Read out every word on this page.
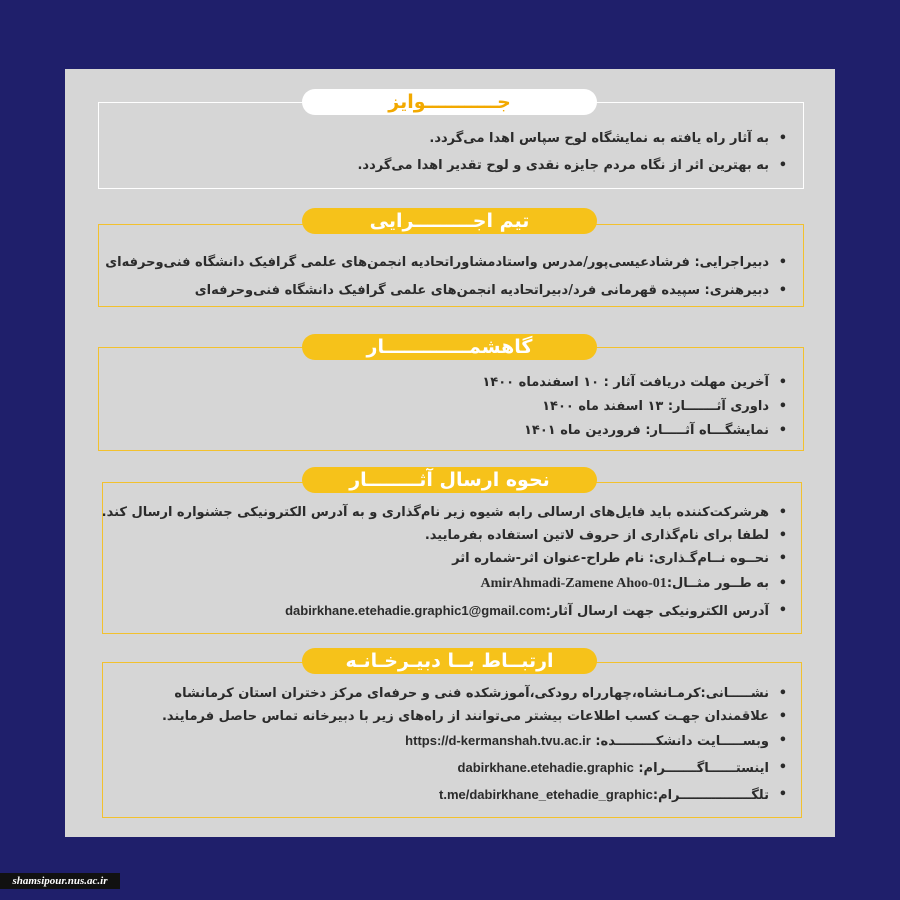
جـــــــــــوایز
• به آثار راه یافته به نمایشگاه لوح سپاس اهدا می‌گردد.
• به بهترین اثر از نگاه مردم جایزه نقدی و لوح تقدیر اهدا می‌گردد.
تیم اجـــــــــرایی
• دبیراجرایی: فرشادعیسی‌پور/مدرس واستادمشاوراتحادیه انجمن‌های علمی گرافیک دانشگاه فنی‌وحرفه‌ای
• دبیرهنری: سپیده قهرمانی فرد/دبیراتحادیه انجمن‌های علمی گرافیک دانشگاه فنی‌وحرفه‌ای
گاهشمـــــــــــــار
• آخرین مهلت دریافت آثار : ۱۰ اسفندماه ۱۴۰۰
• داوری آثـــــــار: ۱۳ اسفند ماه ۱۴۰۰
• نمایشگـــاه آثـــــار: فروردین ماه ۱۴۰۱
نحوه ارسال آثــــــــار
• هرشرکت‌کننده باید فایل‌های ارسالی رابه شیوه زیر نام‌گذاری و به آدرس الکترونیکی جشنواره ارسال کند.
• لطفا برای نام‌گذاری از حروف لاتین استفاده بفرمایید.
• نحــوه نــام‌گـذاری: نام طراح-عنوان اثر-شماره اثر
• به طــور مثــال:AmirAhmadi-Zamene Ahoo-01
• آدرس الکترونیکی جهت ارسال آثار:dabirkhane.etehadie.graphic1@gmail.com
ارتبــاط بــا دبیـرخـانـه
• نشـــــانی:کرمـانشاه،چهارراه رودکی،آموزشکده فنی و حرفه‌ای مرکز دختران استان کرمانشاه
• علاقمندان جهـت کسب اطلاعات بیشتر می‌توانند از راه‌های زیر با دبیرخانه تماس حاصل فرمایند.
• وبســـــایت دانشکـــــــــده: https://d-kermanshah.tvu.ac.ir
• اینستــــــاگـــــــرام: dabirkhane.etehadie.graphic
• تلگــــــــــــــــرام:t.me/dabirkhane_etehadie_graphic
shamsipour.nus.ac.ir
